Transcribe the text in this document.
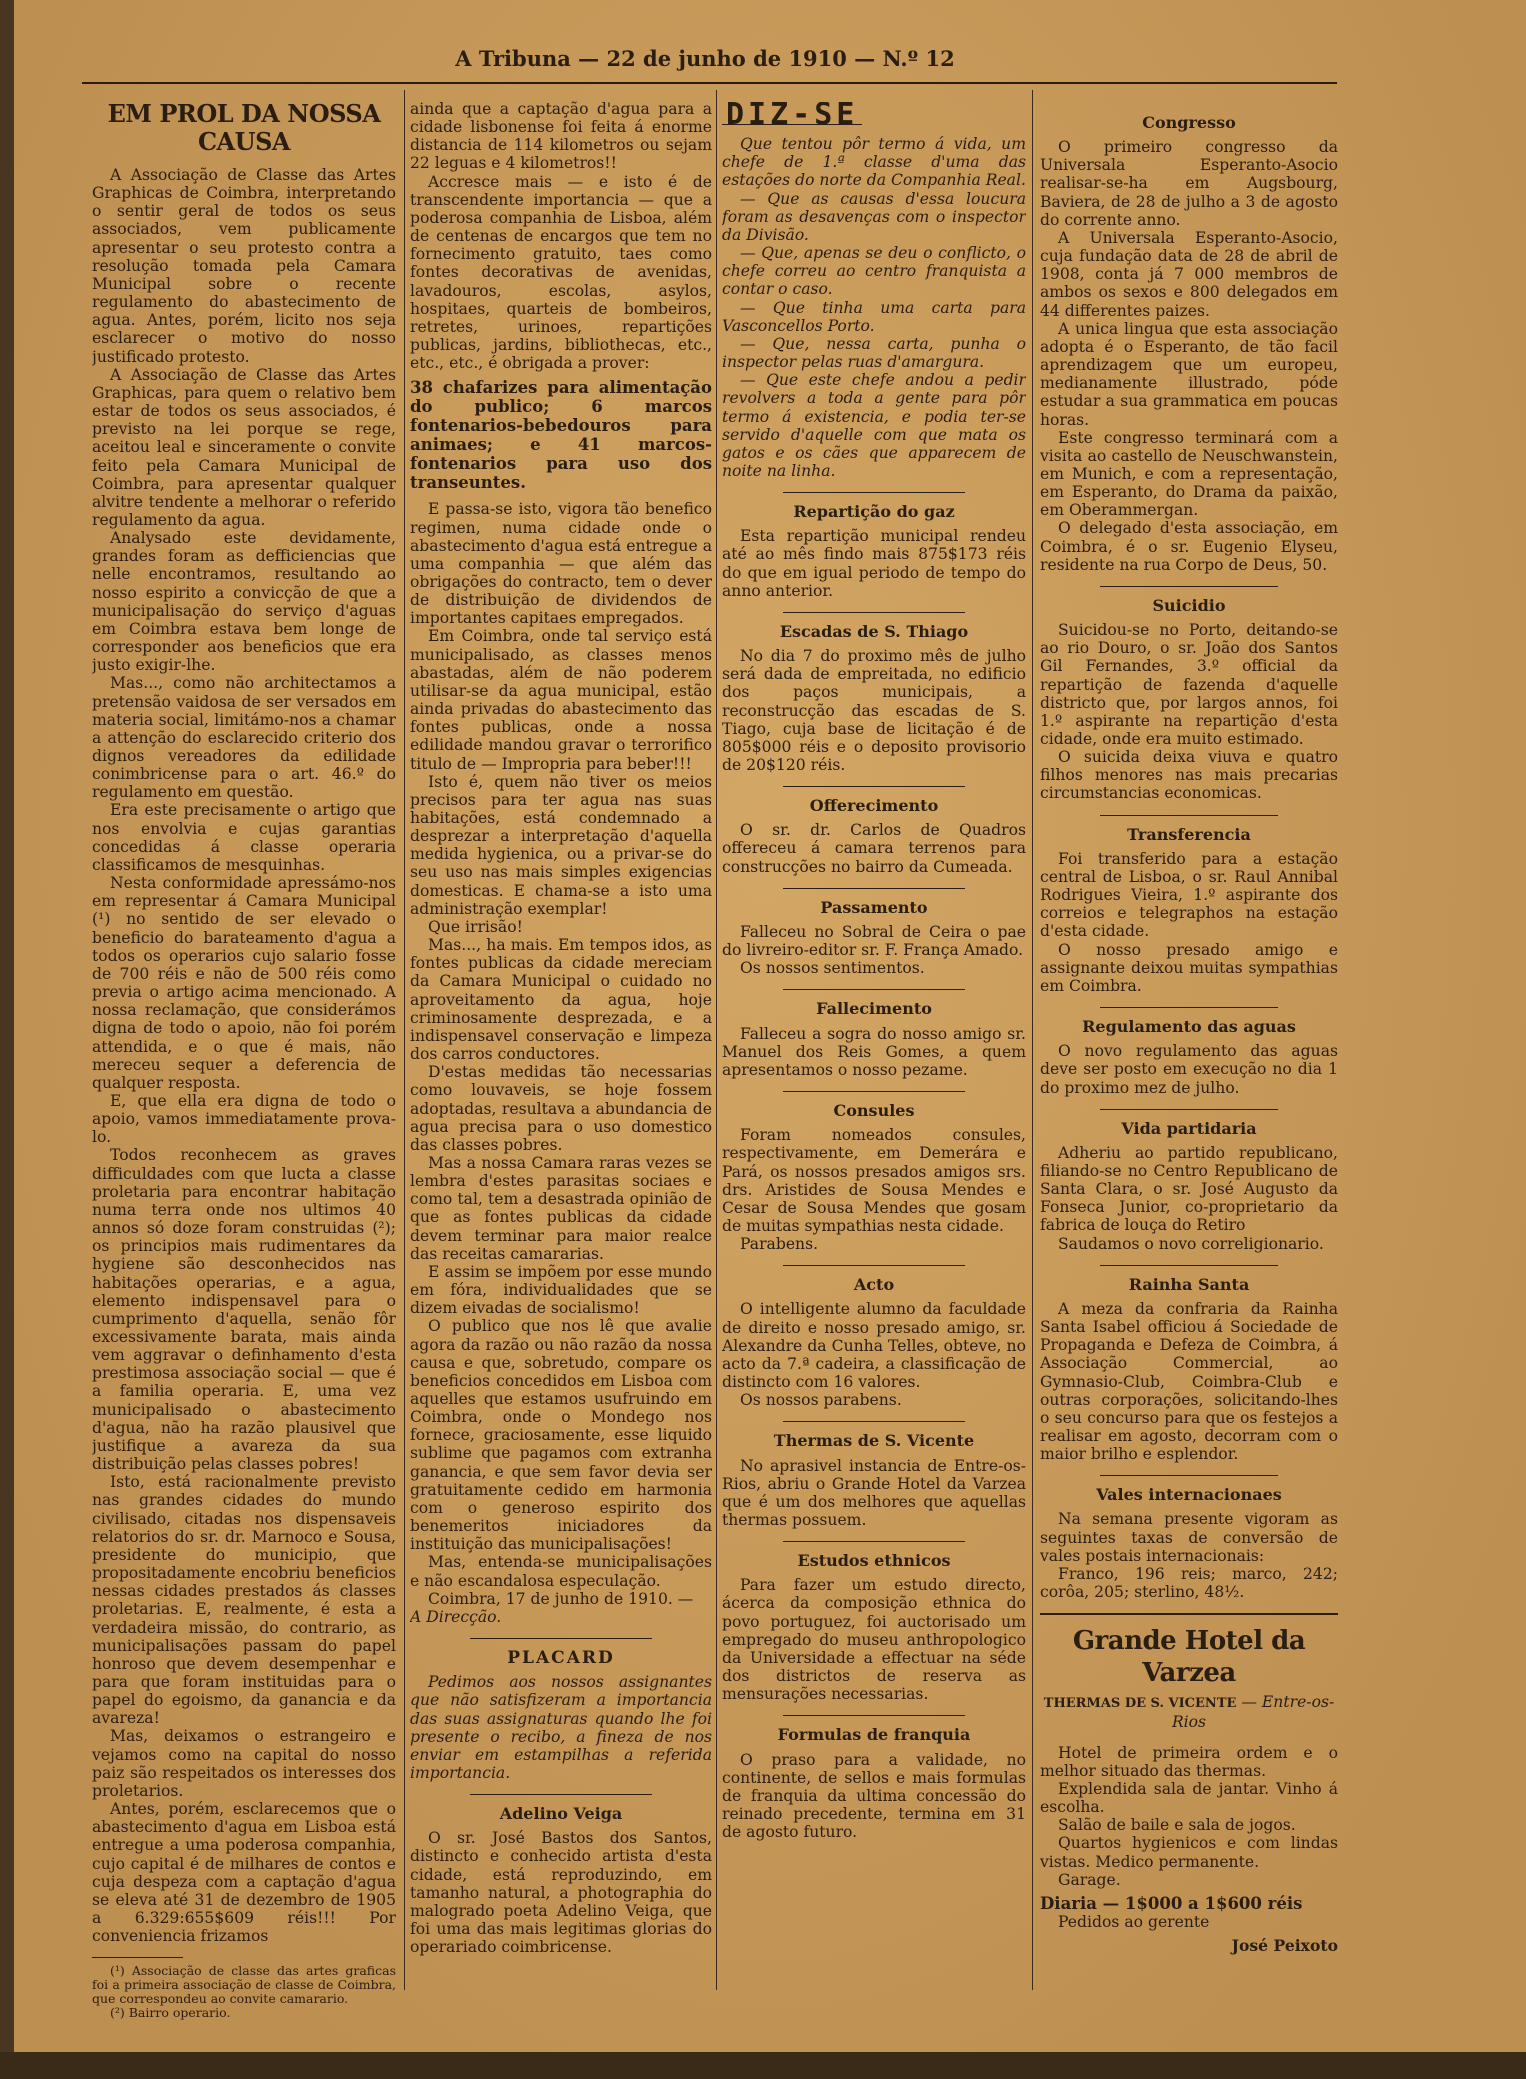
A Tribuna — 22 de junho de 1910 — N.º 12
EM PROL DA NOSSA CAUSA

A Associação de Classe das Artes Graphicas de Coimbra, interpretando o sentir geral de todos os seus associados, vem publicamente apresentar o seu protesto contra a resolução tomada pela Camara Municipal sobre o recente regulamento do abastecimento de agua. Antes, porém, licito nos seja esclarecer o motivo do nosso justificado protesto.

A Associação de Classe das Artes Graphicas, para quem o relativo bem estar de todos os seus associados, é previsto na lei porque se rege, aceitou leal e sinceramente o convite feito pela Camara Municipal de Coimbra, para apresentar qualquer alvitre tendente a melhorar o referido regulamento da agua.

Analysado este devidamente, grandes foram as defficiencias que nelle encontramos, resultando ao nosso espirito a convicção de que a municipalisação do serviço d'aguas em Coimbra estava bem longe de corresponder aos beneficios que era justo exigir-lhe.

Mas..., como não architectamos a pretensão vaidosa de ser versados em materia social, limitámo-nos a chamar a attenção do esclarecido criterio dos dignos vereadores da edilidade conimbricense para o art. 46.º do regulamento em questão.

Era este precisamente o artigo que nos envolvia e cujas garantias concedidas á classe operaria classificamos de mesquinhas.

Nesta conformidade apressámo-nos em representar á Camara Municipal (¹) no sentido de ser elevado o beneficio do barateamento d'agua a todos os operarios cujo salario fosse de 700 réis e não de 500 réis como previa o artigo acima mencionado. A nossa reclamação, que considerámos digna de todo o apoio, não foi porém attendida, e o que é mais, não mereceu sequer a deferencia de qualquer resposta.

E, que ella era digna de todo o apoio, vamos immediatamente prova-lo.

Todos reconhecem as graves difficuldades com que lucta a classe proletaria para encontrar habitação numa terra onde nos ultimos 40 annos só doze foram construidas (²); os principios mais rudimentares da hygiene são desconhecidos nas habitações operarias, e a agua, elemento indispensavel para o cumprimento d'aquella, senão fôr excessivamente barata, mais ainda vem aggravar o definhamento d'esta prestimosa associação social — que é a familia operaria. E, uma vez municipalisado o abastecimento d'agua, não ha razão plausivel que justifique a avareza da sua distribuição pelas classes pobres!

Isto, está racionalmente previsto nas grandes cidades do mundo civilisado, citadas nos dispensaveis relatorios do sr. dr. Marnoco e Sousa, presidente do municipio, que propositadamente encobriu beneficios nessas cidades prestados ás classes proletarias. E, realmente, é esta a verdadeira missão, do contrario, as municipalisações passam do papel honroso que devem desempenhar e para que foram instituidas para o papel do egoismo, da ganancia e da avareza!

Mas, deixamos o estrangeiro e vejamos como na capital do nosso paiz são respeitados os interesses dos proletarios.

Antes, porém, esclarecemos que o abastecimento d'agua em Lisboa está entregue a uma poderosa companhia, cujo capital é de milhares de contos e cuja despeza com a captação d'agua se eleva até 31 de dezembro de 1905 a 6.329:655$609 réis!!! Por conveniencia frizamos

(¹) Associação de classe das artes graficas foi a primeira associação de classe de Coimbra, que correspondeu ao convite camarario.

(²) Bairro operario.

ainda que a captação d'agua para a cidade lisbonense foi feita á enorme distancia de 114 kilometros ou sejam 22 leguas e 4 kilometros!!

Accresce mais — e isto é de transcendente importancia — que a poderosa companhia de Lisboa, além de centenas de encargos que tem no fornecimento gratuito, taes como fontes decorativas de avenidas, lavadouros, escolas, asylos, hospitaes, quarteis de bombeiros, retretes, urinoes, repartições publicas, jardins, bibliothecas, etc., etc., etc., é obrigada a prover:

38 chafarizes para alimentação do publico; 6 marcos fontenarios-bebedouros para animaes; e 41 marcos-fontenarios para uso dos transeuntes.

E passa-se isto, vigora tão benefico regimen, numa cidade onde o abastecimento d'agua está entregue a uma companhia — que além das obrigações do contracto, tem o dever de distribuição de dividendos de importantes capitaes empregados.

Em Coimbra, onde tal serviço está municipalisado, as classes menos abastadas, além de não poderem utilisar-se da agua municipal, estão ainda privadas do abastecimento das fontes publicas, onde a nossa edilidade mandou gravar o terrorifico titulo de — Impropria para beber!!!

Isto é, quem não tiver os meios precisos para ter agua nas suas habitações, está condemnado a desprezar a interpretação d'aquella medida hygienica, ou a privar-se do seu uso nas mais simples exigencias domesticas. E chama-se a isto uma administração exemplar!

Que irrisão!

Mas..., ha mais. Em tempos idos, as fontes publicas da cidade mereciam da Camara Municipal o cuidado no aproveitamento da agua, hoje criminosamente desprezada, e a indispensavel conservação e limpeza dos carros conductores.

D'estas medidas tão necessarias como louvaveis, se hoje fossem adoptadas, resultava a abundancia de agua precisa para o uso domestico das classes pobres.

Mas a nossa Camara raras vezes se lembra d'estes parasitas sociaes e como tal, tem a desastrada opinião de que as fontes publicas da cidade devem terminar para maior realce das receitas camararias.

E assim se impõem por esse mundo em fóra, individualidades que se dizem eivadas de socialismo!

O publico que nos lê que avalie agora da razão ou não razão da nossa causa e que, sobretudo, compare os beneficios concedidos em Lisboa com aquelles que estamos usufruindo em Coimbra, onde o Mondego nos fornece, graciosamente, esse liquido sublime que pagamos com extranha ganancia, e que sem favor devia ser gratuitamente cedido em harmonia com o generoso espirito dos benemeritos iniciadores da instituição das municipalisações!

Mas, entenda-se municipalisações e não escandalosa especulação.

Coimbra, 17 de junho de 1910. —

A Direcção.

PLACARD

Pedimos aos nossos assignantes que não satisfizeram a importancia das suas assignaturas quando lhe foi presente o recibo, a fineza de nos enviar em estampilhas a referida importancia.

Adelino Veiga

O sr. José Bastos dos Santos, distincto e conhecido artista d'esta cidade, está reproduzindo, em tamanho natural, a photographia do malogrado poeta Adelino Veiga, que foi uma das mais legitimas glorias do operariado coimbricense.

DIZ-SE

Que tentou pôr termo á vida, um chefe de 1.ª classe d'uma das estações do norte da Companhia Real.

— Que as causas d'essa loucura foram as desavenças com o inspector da Divisão.

— Que, apenas se deu o conflicto, o chefe correu ao centro franquista a contar o caso.

— Que tinha uma carta para Vasconcellos Porto.

— Que, nessa carta, punha o inspector pelas ruas d'amargura.

— Que este chefe andou a pedir revolvers a toda a gente para pôr termo á existencia, e podia ter-se servido d'aquelle com que mata os gatos e os cães que apparecem de noite na linha.

Repartição do gaz

Esta repartição municipal rendeu até ao mês findo mais 875$173 réis do que em igual periodo de tempo do anno anterior.

Escadas de S. Thiago

No dia 7 do proximo mês de julho será dada de empreitada, no edificio dos paços municipais, a reconstrucção das escadas de S. Tiago, cuja base de licitação é de 805$000 réis e o deposito provisorio de 20$120 réis.

Offerecimento

O sr. dr. Carlos de Quadros offereceu á camara terrenos para construcções no bairro da Cumeada.

Passamento

Falleceu no Sobral de Ceira o pae do livreiro-editor sr. F. França Amado.

Os nossos sentimentos.

Fallecimento

Falleceu a sogra do nosso amigo sr. Manuel dos Reis Gomes, a quem apresentamos o nosso pezame.

Consules

Foram nomeados consules, respectivamente, em Demerára e Pará, os nossos presados amigos srs. drs. Aristides de Sousa Mendes e Cesar de Sousa Mendes que gosam de muitas sympathias nesta cidade.

Parabens.

Acto

O intelligente alumno da faculdade de direito e nosso presado amigo, sr. Alexandre da Cunha Telles, obteve, no acto da 7.ª cadeira, a classificação de distincto com 16 valores.

Os nossos parabens.

Thermas de S. Vicente

No aprasivel instancia de Entre-os-Rios, abriu o Grande Hotel da Varzea que é um dos melhores que aquellas thermas possuem.

Estudos ethnicos

Para fazer um estudo directo, ácerca da composição ethnica do povo portuguez, foi auctorisado um empregado do museu anthropologico da Universidade a effectuar na séde dos districtos de reserva as mensurações necessarias.

Formulas de franquia

O praso para a validade, no continente, de sellos e mais formulas de franquia da ultima concessão do reinado precedente, termina em 31 de agosto futuro.

Congresso

O primeiro congresso da Universala Esperanto-Asocio realisar-se-ha em Augsbourg, Baviera, de 28 de julho a 3 de agosto do corrente anno.

A Universala Esperanto-Asocio, cuja fundação data de 28 de abril de 1908, conta já 7 000 membros de ambos os sexos e 800 delegados em 44 differentes paizes.

A unica lingua que esta associação adopta é o Esperanto, de tão facil aprendizagem que um europeu, medianamente illustrado, póde estudar a sua grammatica em poucas horas.

Este congresso terminará com a visita ao castello de Neuschwanstein, em Munich, e com a representação, em Esperanto, do Drama da paixão, em Oberammergan.

O delegado d'esta associação, em Coimbra, é o sr. Eugenio Elyseu, residente na rua Corpo de Deus, 50.

Suicidio

Suicidou-se no Porto, deitando-se ao rio Douro, o sr. João dos Santos Gil Fernandes, 3.º official da repartição de fazenda d'aquelle districto que, por largos annos, foi 1.º aspirante na repartição d'esta cidade, onde era muito estimado.

O suicida deixa viuva e quatro filhos menores nas mais precarias circumstancias economicas.

Transferencia

Foi transferido para a estação central de Lisboa, o sr. Raul Annibal Rodrigues Vieira, 1.º aspirante dos correios e telegraphos na estação d'esta cidade.

O nosso presado amigo e assignante deixou muitas sympathias em Coimbra.

Regulamento das aguas

O novo regulamento das aguas deve ser posto em execução no dia 1 do proximo mez de julho.

Vida partidaria

Adheriu ao partido republicano, filiando-se no Centro Republicano de Santa Clara, o sr. José Augusto da Fonseca Junior, co-proprietario da fabrica de louça do Retiro

Saudamos o novo correligionario.

Rainha Santa

A meza da confraria da Rainha Santa Isabel officiou á Sociedade de Propaganda e Defeza de Coimbra, á Associação Commercial, ao Gymnasio-Club, Coimbra-Club e outras corporações, solicitando-lhes o seu concurso para que os festejos a realisar em agosto, decorram com o maior brilho e esplendor.

Vales internacionaes

Na semana presente vigoram as seguintes taxas de conversão de vales postais internacionais:

Franco, 196 reis; marco, 242; corôa, 205; sterlino, 48½.

Grande Hotel da Varzea

THERMAS DE S. VICENTE — Entre-os-Rios

Hotel de primeira ordem e o melhor situado das thermas.

Explendida sala de jantar. Vinho á escolha.

Salão de baile e sala de jogos.

Quartos hygienicos e com lindas vistas. Medico permanente.

Garage.

Diaria — 1$000 a 1$600 réis

Pedidos ao gerente

José Peixoto
